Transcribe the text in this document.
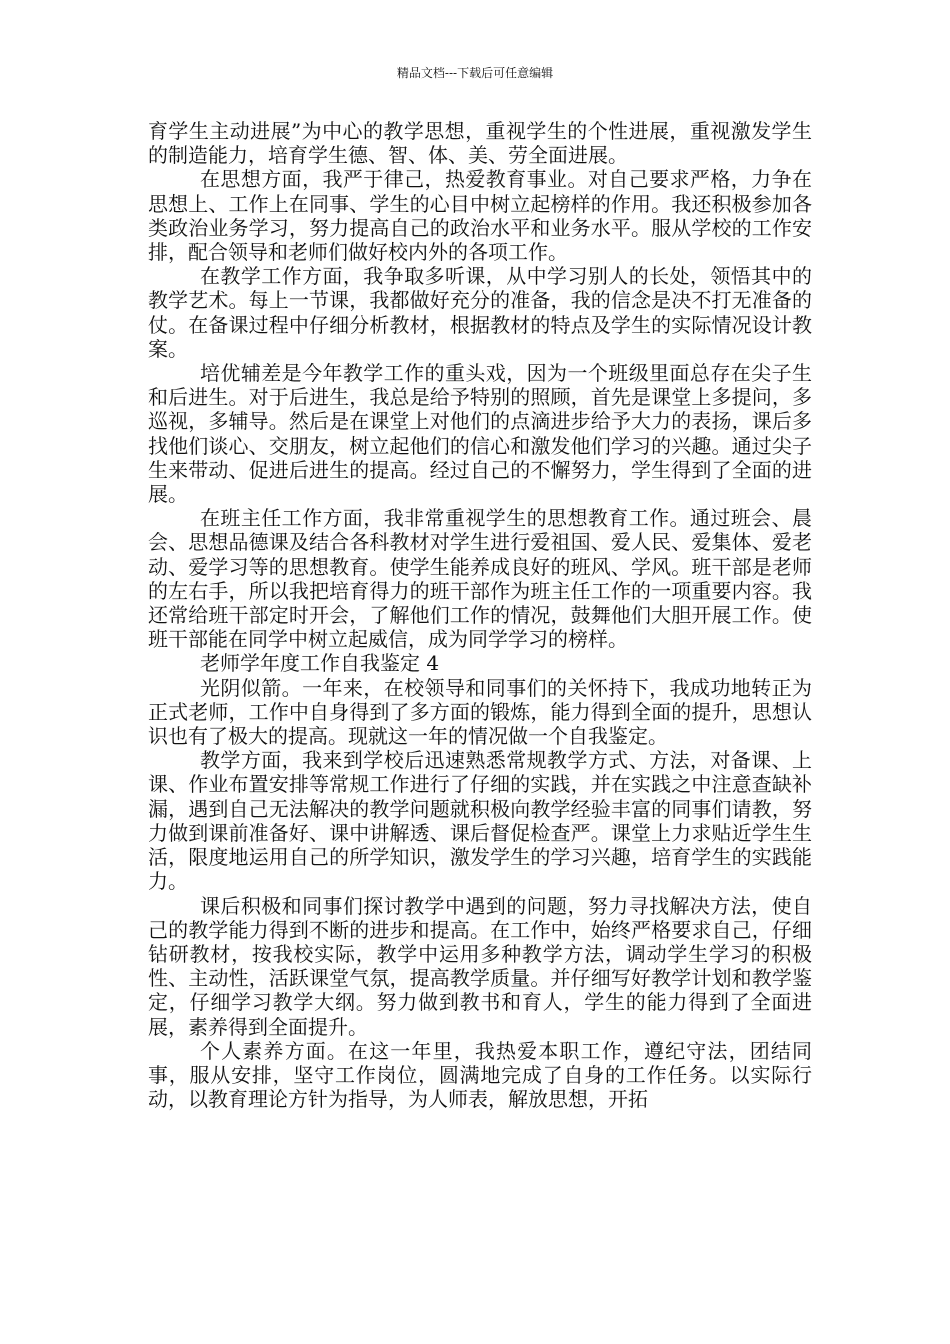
精品文档---下载后可任意编辑

育学生主动进展”为中心的教学思想，重视学生的个性进展，重视激发学生的制造能力，培育学生德、智、体、美、劳全面进展。

在思想方面，我严于律己，热爱教育事业。对自己要求严格，力争在思想上、工作上在同事、学生的心目中树立起榜样的作用。我还积极参加各类政治业务学习，努力提高自己的政治水平和业务水平。服从学校的工作安排，配合领导和老师们做好校内外的各项工作。

在教学工作方面，我争取多听课，从中学习别人的长处，领悟其中的教学艺术。每上一节课，我都做好充分的准备，我的信念是决不打无准备的仗。在备课过程中仔细分析教材，根据教材的特点及学生的实际情况设计教案。

培优辅差是今年教学工作的重头戏，因为一个班级里面总存在尖子生和后进生。对于后进生，我总是给予特别的照顾，首先是课堂上多提问，多巡视，多辅导。然后是在课堂上对他们的点滴进步给予大力的表扬，课后多找他们谈心、交朋友，树立起他们的信心和激发他们学习的兴趣。通过尖子生来带动、促进后进生的提高。经过自己的不懈努力，学生得到了全面的进展。

在班主任工作方面，我非常重视学生的思想教育工作。通过班会、晨会、思想品德课及结合各科教材对学生进行爱祖国、爱人民、爱集体、爱老动、爱学习等的思想教育。使学生能养成良好的班风、学风。班干部是老师的左右手，所以我把培育得力的班干部作为班主任工作的一项重要内容。我还常给班干部定时开会，了解他们工作的情况，鼓舞他们大胆开展工作。使班干部能在同学中树立起威信，成为同学学习的榜样。

老师学年度工作自我鉴定 4

光阴似箭。一年来，在校领导和同事们的关怀持下，我成功地转正为正式老师，工作中自身得到了多方面的锻炼，能力得到全面的提升，思想认识也有了极大的提高。现就这一年的情况做一个自我鉴定。

教学方面，我来到学校后迅速熟悉常规教学方式、方法，对备课、上课、作业布置安排等常规工作进行了仔细的实践，并在实践之中注意查缺补漏，遇到自己无法解决的教学问题就积极向教学经验丰富的同事们请教，努力做到课前准备好、课中讲解透、课后督促检查严。课堂上力求贴近学生生活，限度地运用自己的所学知识，激发学生的学习兴趣，培育学生的实践能力。

课后积极和同事们探讨教学中遇到的问题，努力寻找解决方法，使自己的教学能力得到不断的进步和提高。在工作中，始终严格要求自己，仔细钻研教材，按我校实际，教学中运用多种教学方法，调动学生学习的积极性、主动性，活跃课堂气氛，提高教学质量。并仔细写好教学计划和教学鉴定，仔细学习教学大纲。努力做到教书和育人，学生的能力得到了全面进展，素养得到全面提升。

个人素养方面。在这一年里，我热爱本职工作，遵纪守法，团结同事，服从安排，坚守工作岗位，圆满地完成了自身的工作任务。以实际行动，以教育理论方针为指导，为人师表，解放思想，开拓
